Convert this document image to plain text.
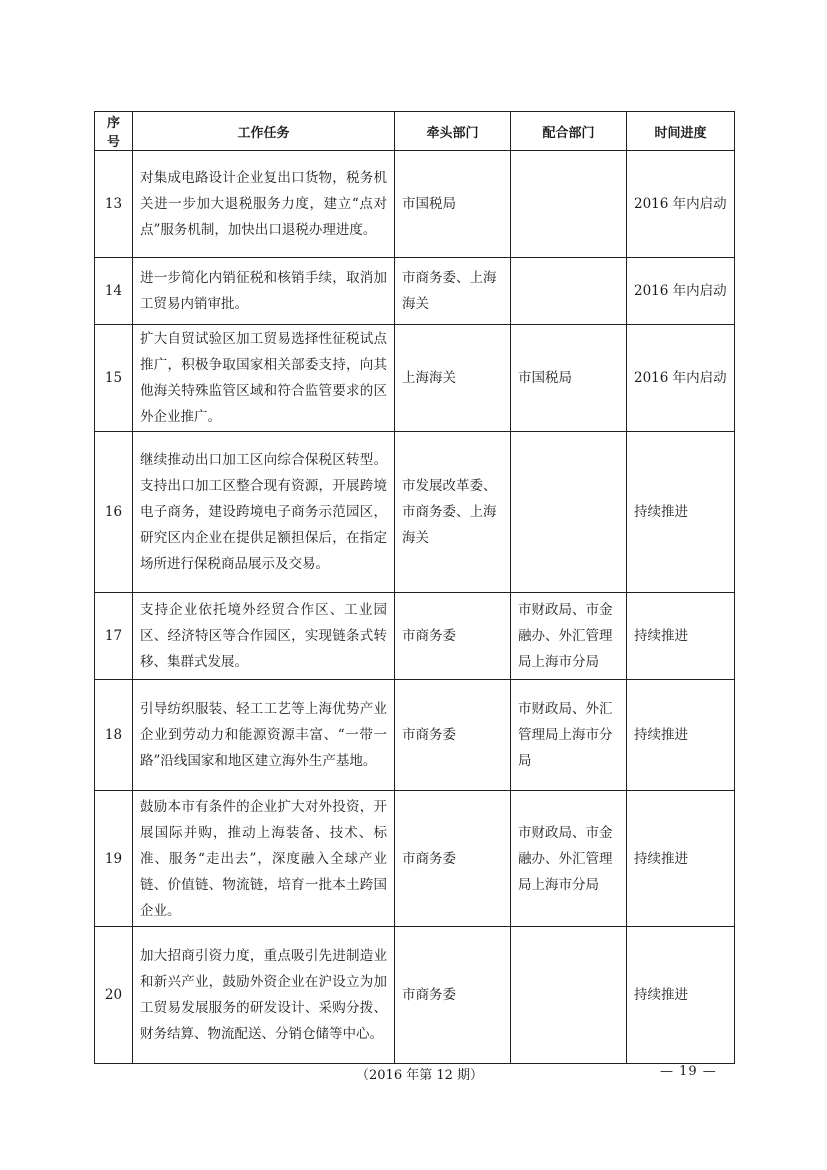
序号	工作任务	牵头部门	配合部门	时间进度
13	对集成电路设计企业复出口货物，税务机关进一步加大退税服务力度，建立“点对点”服务机制，加快出口退税办理进度。	市国税局		2016 年内启动
14	进一步简化内销征税和核销手续，取消加工贸易内销审批。	市商务委、上海海关		2016 年内启动
15	扩大自贸试验区加工贸易选择性征税试点推广，积极争取国家相关部委支持，向其他海关特殊监管区域和符合监管要求的区外企业推广。	上海海关	市国税局	2016 年内启动
16	继续推动出口加工区向综合保税区转型。支持出口加工区整合现有资源，开展跨境电子商务，建设跨境电子商务示范园区，研究区内企业在提供足额担保后，在指定场所进行保税商品展示及交易。	市发展改革委、市商务委、上海海关		持续推进
17	支持企业依托境外经贸合作区、工业园区、经济特区等合作园区，实现链条式转移、集群式发展。	市商务委	市财政局、市金融办、外汇管理局上海市分局	持续推进
18	引导纺织服装、轻工工艺等上海优势产业企业到劳动力和能源资源丰富、“一带一路”沿线国家和地区建立海外生产基地。	市商务委	市财政局、外汇管理局上海市分局	持续推进
19	鼓励本市有条件的企业扩大对外投资，开展国际并购，推动上海装备、技术、标准、服务“走出去”，深度融入全球产业链、价值链、物流链，培育一批本土跨国企业。	市商务委	市财政局、市金融办、外汇管理局上海市分局	持续推进
20	加大招商引资力度，重点吸引先进制造业和新兴产业，鼓励外资企业在沪设立为加工贸易发展服务的研发设计、采购分拨、财务结算、物流配送、分销仓储等中心。	市商务委		持续推进
（2016 年第 12 期）	— 19 —
